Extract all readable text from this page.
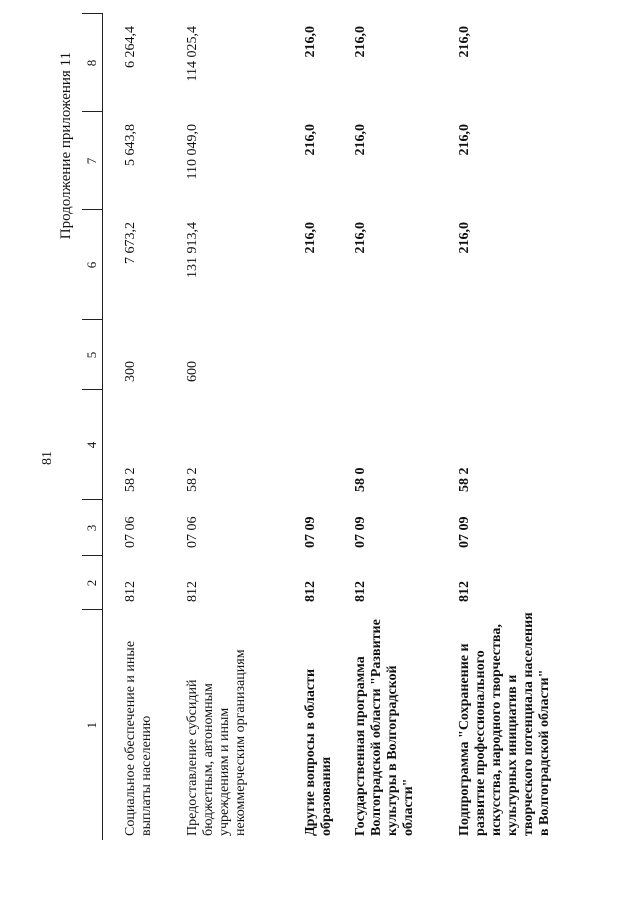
81
Продолжение приложения 11
1	2	3	4	5	6	7	8
Социальное обеспечение и иные выплаты населению	812	07 06	58 2	300	7 673,2	5 643,8	6 264,4
Предоставление субсидий бюджетным, автономным учреждениям и иным некоммерческим организациям	812	07 06	58 2	600	131 913,4	110 049,0	114 025,4
Другие вопросы в области образования	812	07 09			216,0	216,0	216,0
Государственная программа Волгоградской области "Развитие культуры в Волгоградской области"	812	07 09	58 0		216,0	216,0	216,0
Подпрограмма "Сохранение и развитие профессионального искусства, народного творчества, культурных инициатив и творческого потенциала населения в Волгоградской области"	812	07 09	58 2		216,0	216,0	216,0
